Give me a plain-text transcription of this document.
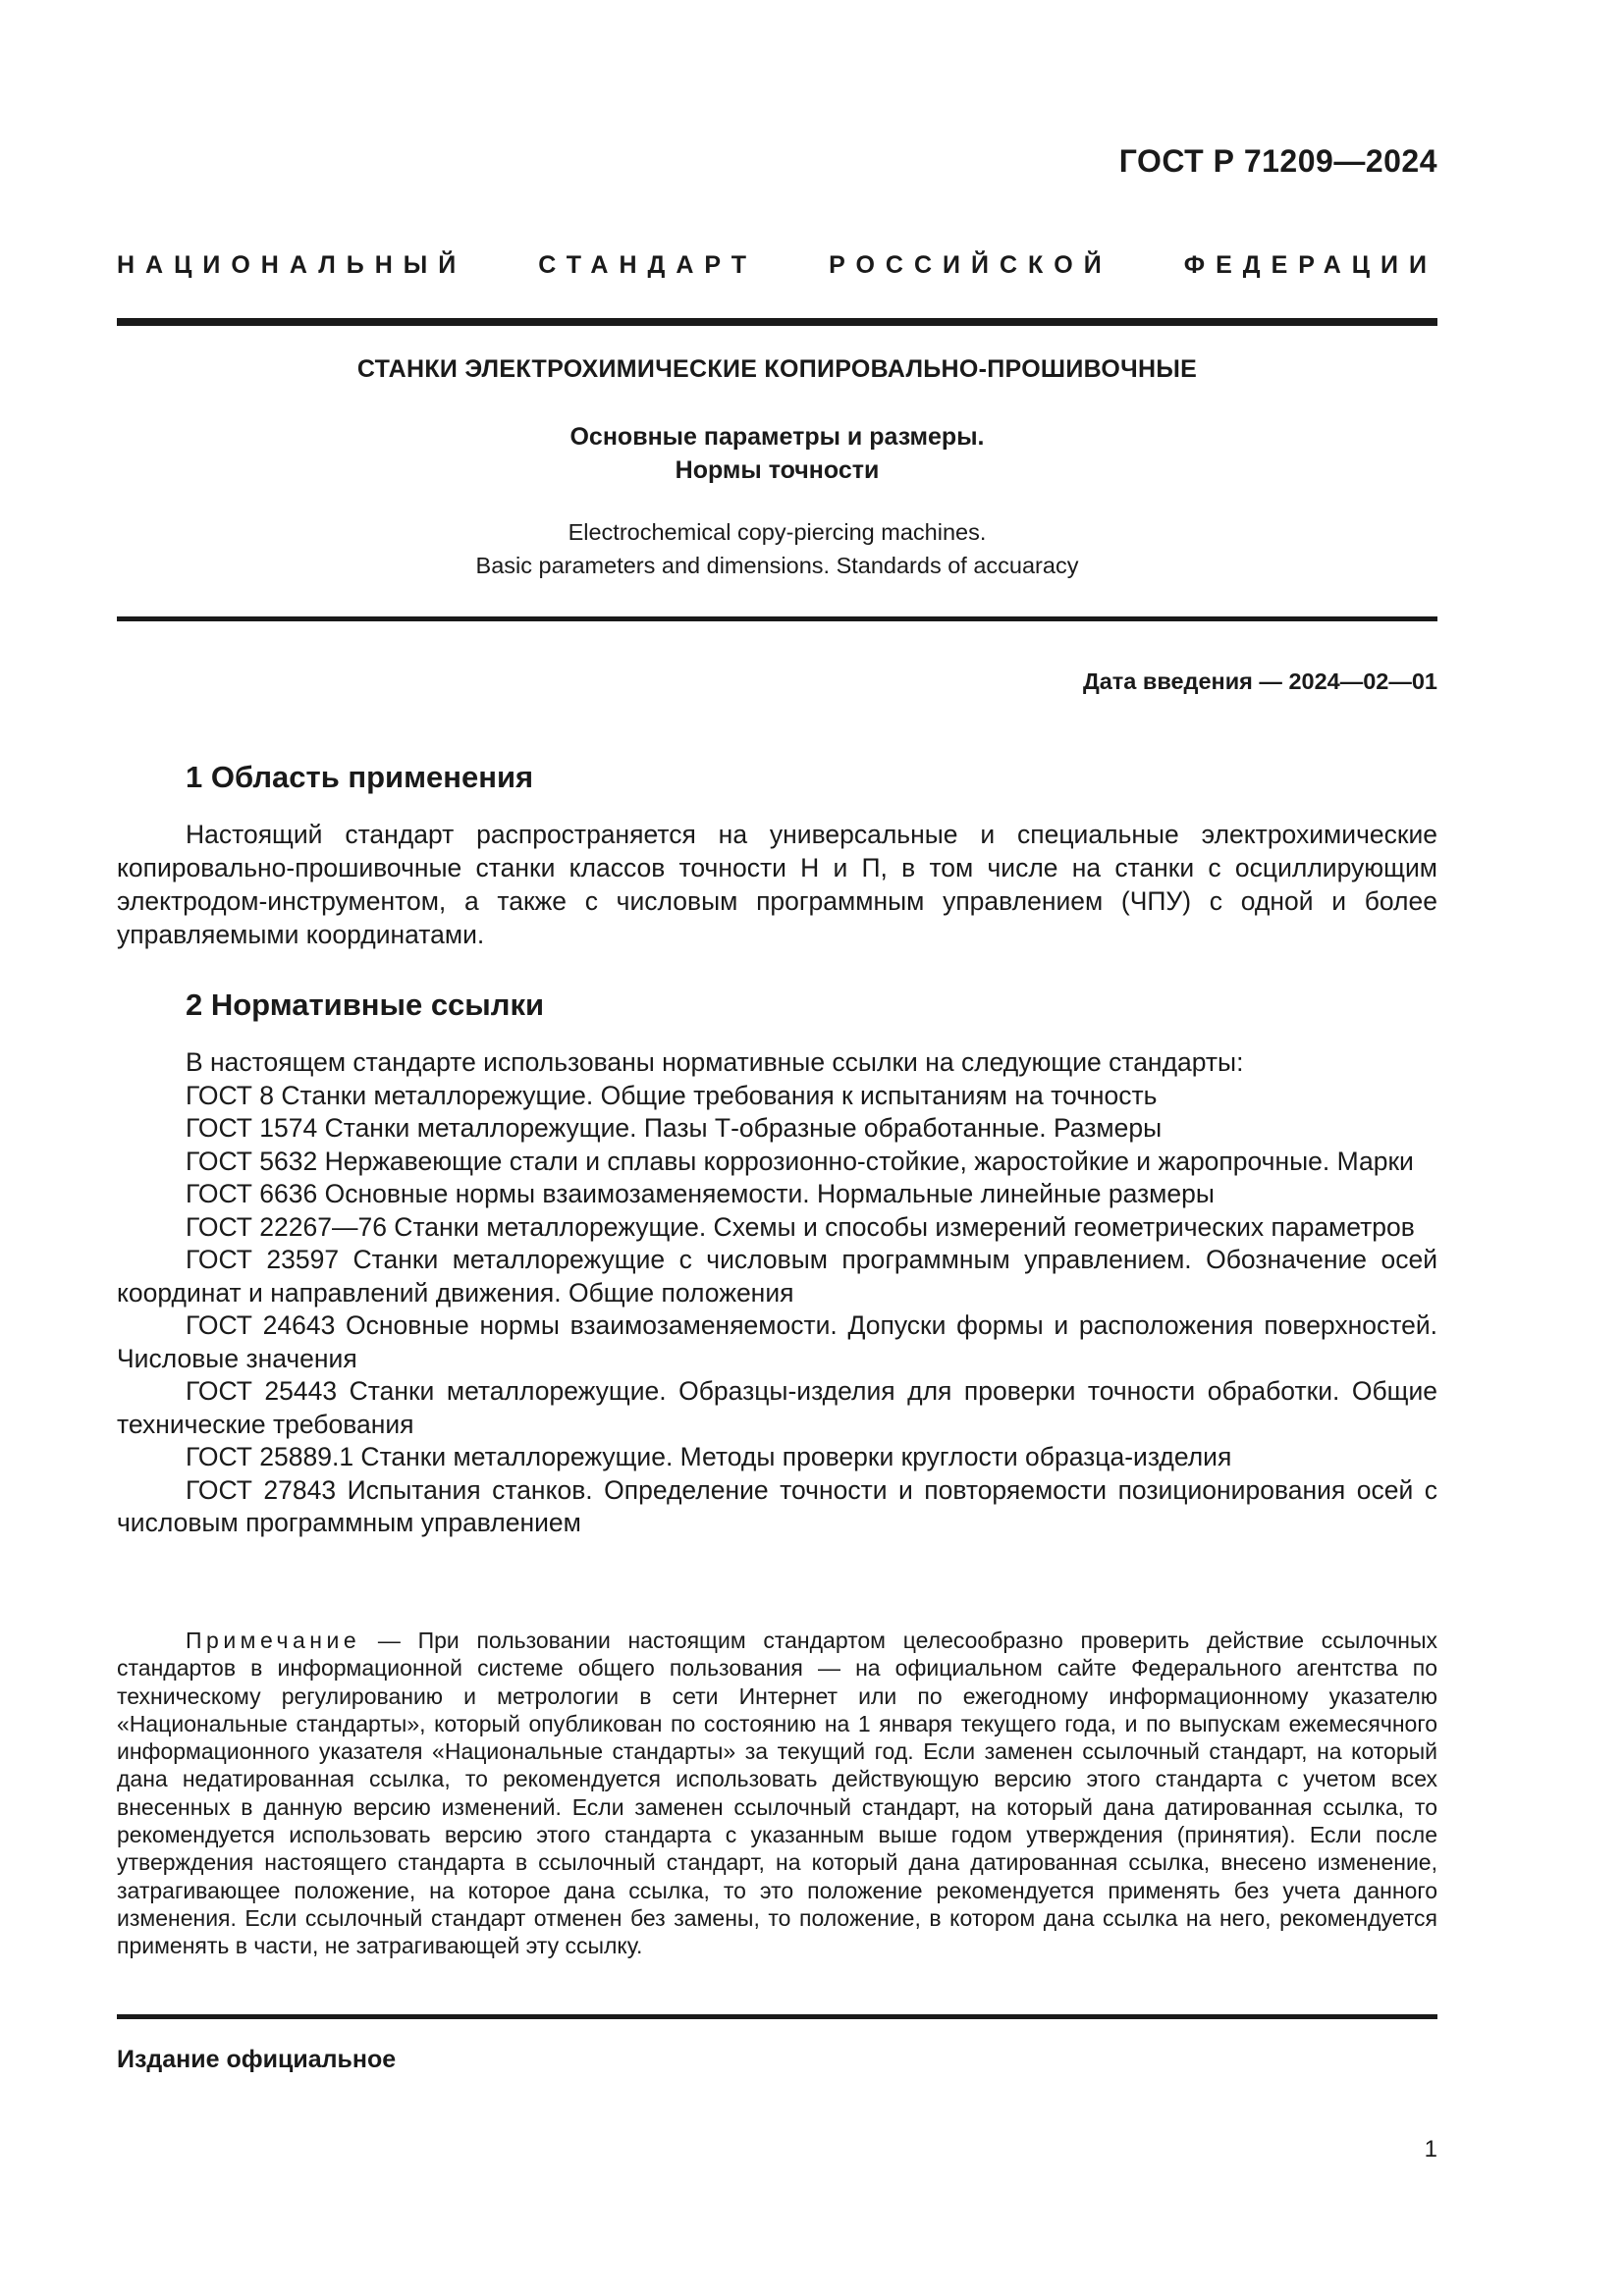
ГОСТ Р 71209—2024
НАЦИОНАЛЬНЫЙ СТАНДАРТ РОССИЙСКОЙ ФЕДЕРАЦИИ
СТАНКИ ЭЛЕКТРОХИМИЧЕСКИЕ КОПИРОВАЛЬНО-ПРОШИВОЧНЫЕ
Основные параметры и размеры.
Нормы точности
Electrochemical copy-piercing machines.
Basic parameters and dimensions. Standards of accuaracy
Дата введения — 2024—02—01
1 Область применения

Настоящий стандарт распространяется на универсальные и специальные электрохимические копировально-прошивочные станки классов точности Н и П, в том числе на станки с осциллирующим электродом-инструментом, а также с числовым программным управлением (ЧПУ) с одной и более управляемыми координатами.

2 Нормативные ссылки
В настоящем стандарте использованы нормативные ссылки на следующие стандарты:
ГОСТ 8 Станки металлорежущие. Общие требования к испытаниям на точность
ГОСТ 1574 Станки металлорежущие. Пазы Т-образные обработанные. Размеры
ГОСТ 5632 Нержавеющие стали и сплавы коррозионно-стойкие, жаростойкие и жаропрочные. Марки
ГОСТ 6636 Основные нормы взаимозаменяемости. Нормальные линейные размеры
ГОСТ 22267—76 Станки металлорежущие. Схемы и способы измерений геометрических параметров
ГОСТ 23597 Станки металлорежущие с числовым программным управлением. Обозначение осей координат и направлений движения. Общие положения
ГОСТ 24643 Основные нормы взаимозаменяемости. Допуски формы и расположения поверхностей. Числовые значения
ГОСТ 25443 Станки металлорежущие. Образцы-изделия для проверки точности обработки. Общие технические требования
ГОСТ 25889.1 Станки металлорежущие. Методы проверки круглости образца-изделия
ГОСТ 27843 Испытания станков. Определение точности и повторяемости позиционирования осей с числовым программным управлением

Примечание — При пользовании настоящим стандартом целесообразно проверить действие ссылочных стандартов в информационной системе общего пользования — на официальном сайте Федерального агентства по техническому регулированию и метрологии в сети Интернет или по ежегодному информационному указателю «Национальные стандарты», который опубликован по состоянию на 1 января текущего года, и по выпускам ежемесячного информационного указателя «Национальные стандарты» за текущий год. Если заменен ссылочный стандарт, на который дана недатированная ссылка, то рекомендуется использовать действующую версию этого стандарта с учетом всех внесенных в данную версию изменений. Если заменен ссылочный стандарт, на который дана датированная ссылка, то рекомендуется использовать версию этого стандарта с указанным выше годом утверждения (принятия). Если после утверждения настоящего стандарта в ссылочный стандарт, на который дана датированная ссылка, внесено изменение, затрагивающее положение, на которое дана ссылка, то это положение рекомендуется применять без учета данного изменения. Если ссылочный стандарт отменен без замены, то положение, в котором дана ссылка на него, рекомендуется применять в части, не затрагивающей эту ссылку.

Издание официальное
1
